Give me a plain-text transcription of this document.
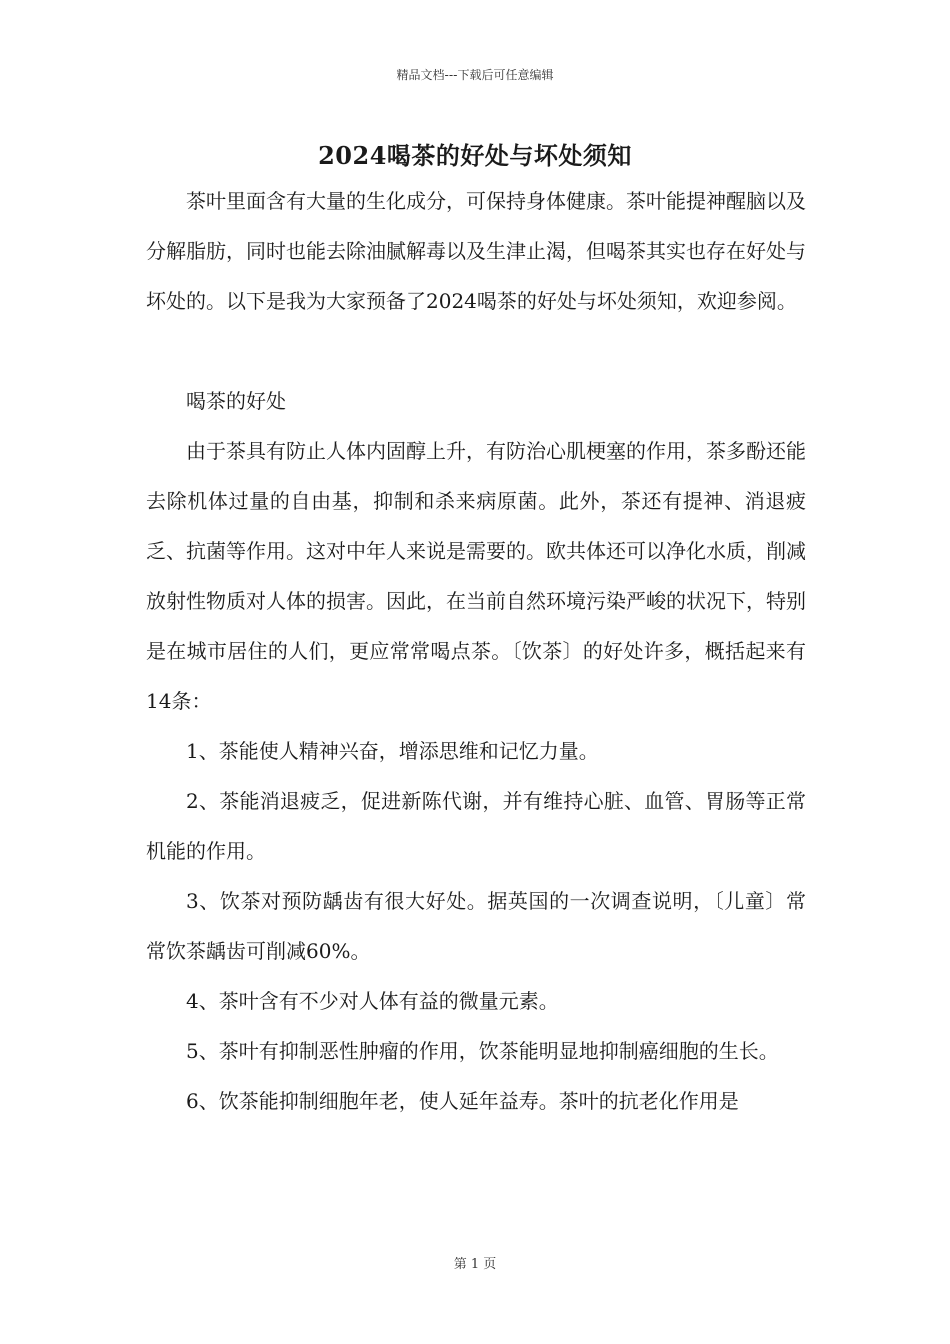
精品文档---下载后可任意编辑
2024喝茶的好处与坏处须知

茶叶里面含有大量的生化成分，可保持身体健康。茶叶能提神醒脑以及分解脂肪，同时也能去除油腻解毒以及生津止渴，但喝茶其实也存在好处与坏处的。以下是我为大家预备了2024喝茶的好处与坏处须知，欢迎参阅。

喝茶的好处

由于茶具有防止人体内固醇上升，有防治心肌梗塞的作用，茶多酚还能去除机体过量的自由基，抑制和杀来病原菌。此外，茶还有提神、消退疲乏、抗菌等作用。这对中年人来说是需要的。欧共体还可以净化水质，削减放射性物质对人体的损害。因此，在当前自然环境污染严峻的状况下，特别是在城市居住的人们，更应常常喝点茶。〔饮茶〕的好处许多，概括起来有14条：

1、茶能使人精神兴奋，增添思维和记忆力量。

2、茶能消退疲乏，促进新陈代谢，并有维持心脏、血管、胃肠等正常机能的作用。

3、饮茶对预防龋齿有很大好处。据英国的一次调查说明，〔儿童〕常常饮茶龋齿可削减60%。

4、茶叶含有不少对人体有益的微量元素。

5、茶叶有抑制恶性肿瘤的作用，饮茶能明显地抑制癌细胞的生长。

6、饮茶能抑制细胞年老，使人延年益寿。茶叶的抗老化作用是

第 1 页
